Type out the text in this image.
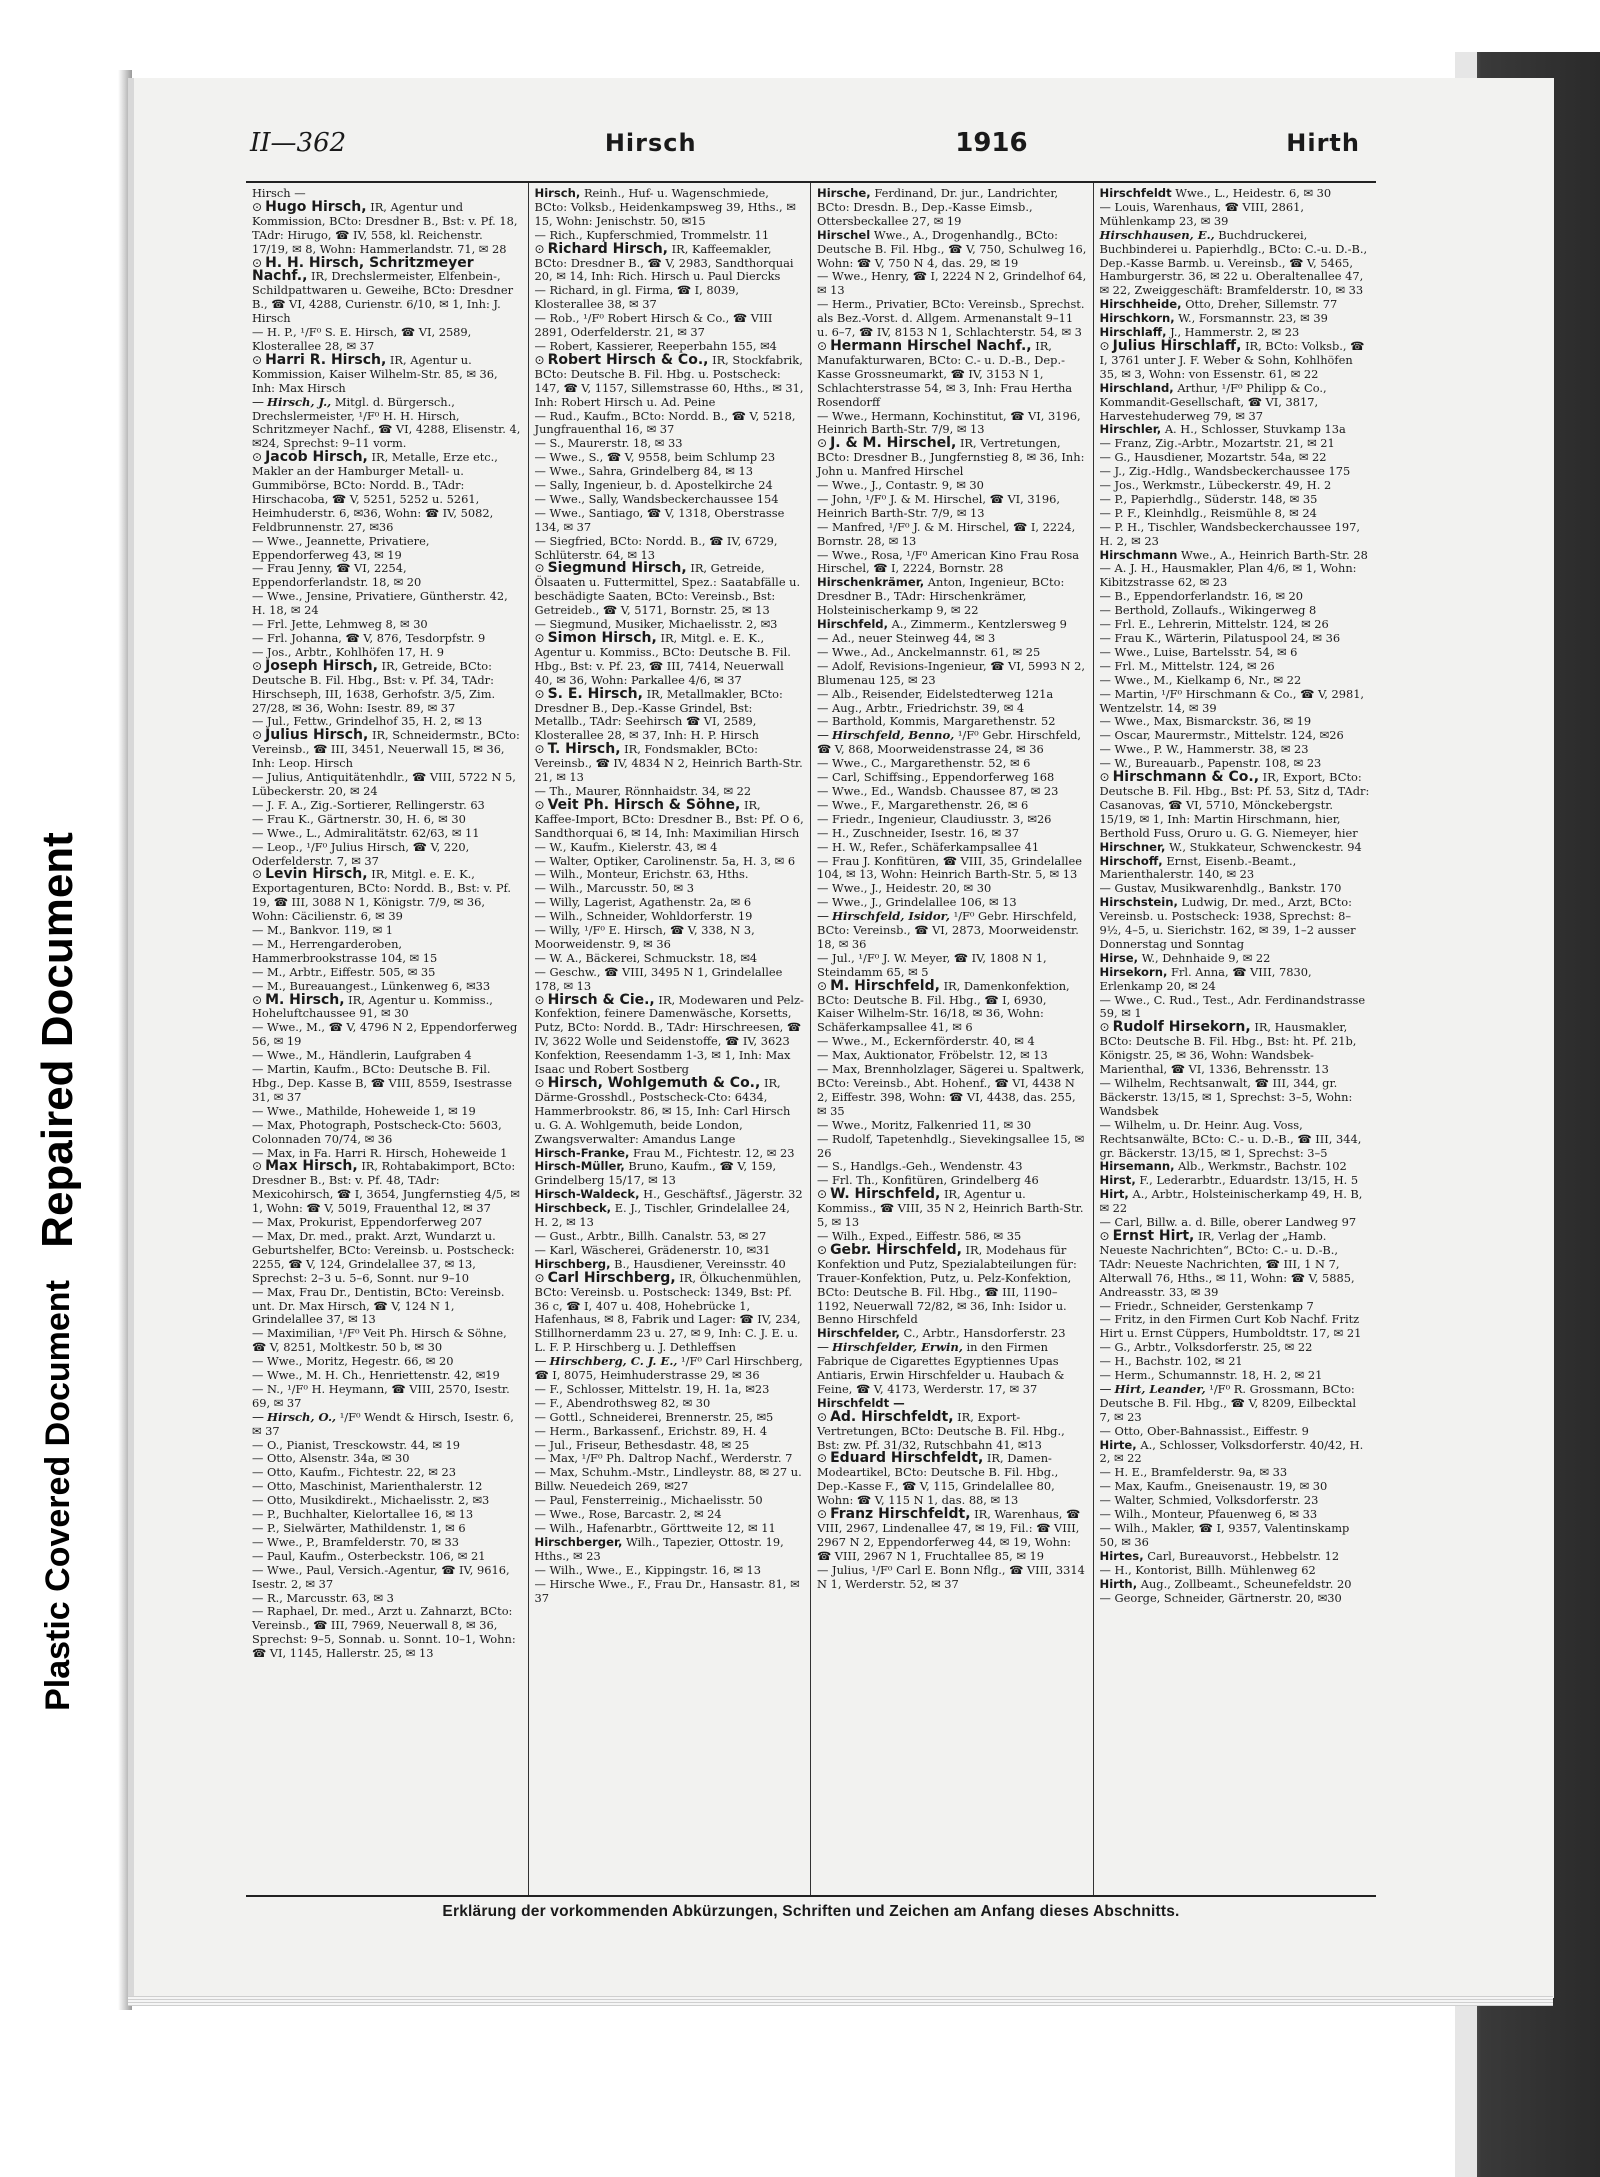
Plastic Covered Document
Repaired Document
II—362	Hirsch	1916	Hirth
Hirsch —
⊙ Hugo Hirsch, IR, Agentur und Kommission, BCto: Dresdner B., Bst: v. Pf. 18, TAdr: Hirugo, ☎ IV, 558, kl. Reichenstr. 17/19, ✉ 8, Wohn: Hammerlandstr. 71, ✉ 28
⊙ H. H. Hirsch, Schritzmeyer Nachf., IR, Drechslermeister, Elfenbein-, Schildpattwaren u. Geweihe, BCto: Dresdner B., ☎ VI, 4288, Curienstr. 6/10, ✉ 1, Inh: J. Hirsch
— H. P., ¹/F⁰ S. E. Hirsch, ☎ VI, 2589, Klosterallee 28, ✉ 37
⊙ Harri R. Hirsch, IR, Agentur u. Kommission, Kaiser Wilhelm-Str. 85, ✉ 36, Inh: Max Hirsch
— Hirsch, J., Mitgl. d. Bürgersch., Drechslermeister, ¹/F⁰ H. H. Hirsch, Schritzmeyer Nachf., ☎ VI, 4288, Elisenstr. 4, ✉24, Sprechst: 9–11 vorm.
⊙ Jacob Hirsch, IR, Metalle, Erze etc., Makler an der Hamburger Metall- u. Gummibörse, BCto: Nordd. B., TAdr: Hirschacoba, ☎ V, 5251, 5252 u. 5261, Heimhuderstr. 6, ✉36, Wohn: ☎ IV, 5082, Feldbrunnenstr. 27, ✉36
— Wwe., Jeannette, Privatiere, Eppendorferweg 43, ✉ 19
— Frau Jenny, ☎ VI, 2254, Eppendorferlandstr. 18, ✉ 20
— Wwe., Jensine, Privatiere, Güntherstr. 42, H. 18, ✉ 24
— Frl. Jette, Lehmweg 8, ✉ 30
— Frl. Johanna, ☎ V, 876, Tesdorpfstr. 9
— Jos., Arbtr., Kohlhöfen 17, H. 9
⊙ Joseph Hirsch, IR, Getreide, BCto: Deutsche B. Fil. Hbg., Bst: v. Pf. 34, TAdr: Hirschseph, III, 1638, Gerhofstr. 3/5, Zim. 27/28, ✉ 36, Wohn: Isestr. 89, ✉ 37
— Jul., Fettw., Grindelhof 35, H. 2, ✉ 13
⊙ Julius Hirsch, IR, Schneidermstr., BCto: Vereinsb., ☎ III, 3451, Neuerwall 15, ✉ 36, Inh: Leop. Hirsch
— Julius, Antiquitätenhdlr., ☎ VIII, 5722 N 5, Lübeckerstr. 20, ✉ 24
— J. F. A., Zig.-Sortierer, Rellingerstr. 63
— Frau K., Gärtnerstr. 30, H. 6, ✉ 30
— Wwe., L., Admiralitätstr. 62/63, ✉ 11
— Leop., ¹/F⁰ Julius Hirsch, ☎ V, 220, Oderfelderstr. 7, ✉ 37
⊙ Levin Hirsch, IR, Mitgl. e. E. K., Exportagenturen, BCto: Nordd. B., Bst: v. Pf. 19, ☎ III, 3088 N 1, Königstr. 7/9, ✉ 36, Wohn: Cäcilienstr. 6, ✉ 39
— M., Bankvor. 119, ✉ 1
— M., Herrengarderoben, Hammerbrookstrasse 104, ✉ 15
— M., Arbtr., Eiffestr. 505, ✉ 35
— M., Bureauangest., Lünkenweg 6, ✉33
⊙ M. Hirsch, IR, Agentur u. Kommiss., Hoheluftchaussee 91, ✉ 30
— Wwe., M., ☎ V, 4796 N 2, Eppendorferweg 56, ✉ 19
— Wwe., M., Händlerin, Laufgraben 4
— Martin, Kaufm., BCto: Deutsche B. Fil. Hbg., Dep. Kasse B, ☎ VIII, 8559, Isestrasse 31, ✉ 37
— Wwe., Mathilde, Hoheweide 1, ✉ 19
— Max, Photograph, Postscheck-Cto: 5603, Colonnaden 70/74, ✉ 36
— Max, in Fa. Harri R. Hirsch, Hoheweide 1
⊙ Max Hirsch, IR, Rohtabakimport, BCto: Dresdner B., Bst: v. Pf. 48, TAdr: Mexicohirsch, ☎ I, 3654, Jungfernstieg 4/5, ✉ 1, Wohn: ☎ V, 5019, Frauenthal 12, ✉ 37
— Max, Prokurist, Eppendorferweg 207
— Max, Dr. med., prakt. Arzt, Wundarzt u. Geburtshelfer, BCto: Vereinsb. u. Postscheck: 2255, ☎ V, 124, Grindelallee 37, ✉ 13, Sprechst: 2–3 u. 5–6, Sonnt. nur 9–10
— Max, Frau Dr., Dentistin, BCto: Vereinsb. unt. Dr. Max Hirsch, ☎ V, 124 N 1, Grindelallee 37, ✉ 13
— Maximilian, ¹/F⁰ Veit Ph. Hirsch & Söhne, ☎ V, 8251, Moltkestr. 50 b, ✉ 30
— Wwe., Moritz, Hegestr. 66, ✉ 20
— Wwe., M. H. Ch., Henriettenstr. 42, ✉19
— N., ¹/F⁰ H. Heymann, ☎ VIII, 2570, Isestr. 69, ✉ 37
— Hirsch, O., ¹/F⁰ Wendt & Hirsch, Isestr. 6, ✉ 37
— O., Pianist, Tresckowstr. 44, ✉ 19
— Otto, Alsenstr. 34a, ✉ 30
— Otto, Kaufm., Fichtestr. 22, ✉ 23
— Otto, Maschinist, Marienthalerstr. 12
— Otto, Musikdirekt., Michaelisstr. 2, ✉3
— P., Buchhalter, Kielortallee 16, ✉ 13
— P., Sielwärter, Mathildenstr. 1, ✉ 6
— Wwe., P., Bramfelderstr. 70, ✉ 33
— Paul, Kaufm., Osterbeckstr. 106, ✉ 21
— Wwe., Paul, Versich.-Agentur, ☎ IV, 9616, Isestr. 2, ✉ 37
— R., Marcusstr. 63, ✉ 3
— Raphael, Dr. med., Arzt u. Zahnarzt, BCto: Vereinsb., ☎ III, 7969, Neuerwall 8, ✉ 36, Sprechst: 9–5, Sonnab. u. Sonnt. 10–1, Wohn: ☎ VI, 1145, Hallerstr. 25, ✉ 13
Hirsch, Reinh., Huf- u. Wagenschmiede, BCto: Volksb., Heidenkampsweg 39, Hths., ✉15, Wohn: Jenischstr. 50, ✉15
— Rich., Kupferschmied, Trommelstr. 11
⊙ Richard Hirsch, IR, Kaffeemakler, BCto: Dresdner B., ☎ V, 2983, Sandthorquai 20, ✉ 14, Inh: Rich. Hirsch u. Paul Diercks
— Richard, in gl. Firma, ☎ I, 8039, Klosterallee 38, ✉ 37
— Rob., ¹/F⁰ Robert Hirsch & Co., ☎ VIII 2891, Oderfelderstr. 21, ✉ 37
— Robert, Kassierer, Reeperbahn 155, ✉4
⊙ Robert Hirsch & Co., IR, Stockfabrik, BCto: Deutsche B. Fil. Hbg. u. Postscheck: 147, ☎ V, 1157, Sillemstrasse 60, Hths., ✉ 31, Inh: Robert Hirsch u. Ad. Peine
— Rud., Kaufm., BCto: Nordd. B., ☎ V, 5218, Jungfrauenthal 16, ✉ 37
— S., Maurerstr. 18, ✉ 33
— Wwe., S., ☎ V, 9558, beim Schlump 23
— Wwe., Sahra, Grindelberg 84, ✉ 13
— Sally, Ingenieur, b. d. Apostelkirche 24
— Wwe., Sally, Wandsbeckerchaussee 154
— Wwe., Santiago, ☎ V, 1318, Oberstrasse 134, ✉ 37
— Siegfried, BCto: Nordd. B., ☎ IV, 6729, Schlüterstr. 64, ✉ 13
⊙ Siegmund Hirsch, IR, Getreide, Ölsaaten u. Futtermittel, Spez.: Saatabfälle u. beschädigte Saaten, BCto: Vereinsb., Bst: Getreideb., ☎ V, 5171, Bornstr. 25, ✉ 13
— Siegmund, Musiker, Michaelisstr. 2, ✉3
⊙ Simon Hirsch, IR, Mitgl. e. E. K., Agentur u. Kommiss., BCto: Deutsche B. Fil. Hbg., Bst: v. Pf. 23, ☎ III, 7414, Neuerwall 40, ✉ 36, Wohn: Parkallee 4/6, ✉ 37
⊙ S. E. Hirsch, IR, Metallmakler, BCto: Dresdner B., Dep.-Kasse Grindel, Bst: Metallb., TAdr: Seehirsch ☎ VI, 2589, Klosterallee 28, ✉ 37, Inh: H. P. Hirsch
⊙ T. Hirsch, IR, Fondsmakler, BCto: Vereinsb., ☎ IV, 4834 N 2, Heinrich Barth-Str. 21, ✉ 13
— Th., Maurer, Rönnhaidstr. 34, ✉ 22
⊙ Veit Ph. Hirsch & Söhne, IR, Kaffee-Import, BCto: Dresdner B., Bst: Pf. O 6, Sandthorquai 6, ✉ 14, Inh: Maximilian Hirsch
— W., Kaufm., Kielerstr. 43, ✉ 4
— Walter, Optiker, Carolinenstr. 5a, H. 3, ✉ 6
— Wilh., Monteur, Erichstr. 63, Hths.
— Wilh., Marcusstr. 50, ✉ 3
— Willy, Lagerist, Agathenstr. 2a, ✉ 6
— Wilh., Schneider, Wohldorferstr. 19
— Willy, ¹/F⁰ E. Hirsch, ☎ V, 338, N 3, Moorweidenstr. 9, ✉ 36
— W. A., Bäckerei, Schmuckstr. 18, ✉4
— Geschw., ☎ VIII, 3495 N 1, Grindelallee 178, ✉ 13
⊙ Hirsch & Cie., IR, Modewaren und Pelz-Konfektion, feinere Damenwäsche, Korsetts, Putz, BCto: Nordd. B., TAdr: Hirschreesen, ☎ IV, 3622 Wolle und Seidenstoffe, ☎ IV, 3623 Konfektion, Reesendamm 1-3, ✉ 1, Inh: Max Isaac und Robert Sostberg
⊙ Hirsch, Wohlgemuth & Co., IR, Därme-Grosshdl., Postscheck-Cto: 6434, Hammerbrookstr. 86, ✉ 15, Inh: Carl Hirsch u. G. A. Wohlgemuth, beide London, Zwangsverwalter: Amandus Lange
Hirsch-Franke, Frau M., Fichtestr. 12, ✉ 23
Hirsch-Müller, Bruno, Kaufm., ☎ V, 159, Grindelberg 15/17, ✉ 13
Hirsch-Waldeck, H., Geschäftsf., Jägerstr. 32
Hirschbeck, E. J., Tischler, Grindelallee 24, H. 2, ✉ 13
— Gust., Arbtr., Billh. Canalstr. 53, ✉ 27
— Karl, Wäscherei, Grädenerstr. 10, ✉31
Hirschberg, B., Hausdiener, Vereinsstr. 40
⊙ Carl Hirschberg, IR, Ölkuchenmühlen, BCto: Vereinsb. u. Postscheck: 1349, Bst: Pf. 36 c, ☎ I, 407 u. 408, Hohebrücke 1, Hafenhaus, ✉ 8, Fabrik und Lager: ☎ IV, 234, Stillhornerdamm 23 u. 27, ✉ 9, Inh: C. J. E. u. L. F. P. Hirschberg u. J. Dethleffsen
— Hirschberg, C. J. E., ¹/F⁰ Carl Hirschberg, ☎ I, 8075, Heimhuderstrasse 29, ✉ 36
— F., Schlosser, Mittelstr. 19, H. 1a, ✉23
— F., Abendrothsweg 82, ✉ 30
— Gottl., Schneiderei, Brennerstr. 25, ✉5
— Herm., Barkassenf., Erichstr. 89, H. 4
— Jul., Friseur, Bethesdastr. 48, ✉ 25
— Max, ¹/F⁰ Ph. Daltrop Nachf., Werderstr. 7
— Max, Schuhm.-Mstr., Lindleystr. 88, ✉ 27 u. Billw. Neuedeich 269, ✉27
— Paul, Fensterreinig., Michaelisstr. 50
— Wwe., Rose, Barcastr. 2, ✉ 24
— Wilh., Hafenarbtr., Görttweite 12, ✉ 11
Hirschberger, Wilh., Tapezier, Ottostr. 19, Hths., ✉ 23
— Wilh., Wwe., E., Kippingstr. 16, ✉ 13
— Hirsche Wwe., F., Frau Dr., Hansastr. 81, ✉ 37
Hirsche, Ferdinand, Dr. jur., Landrichter, BCto: Dresdn. B., Dep.-Kasse Eimsb., Ottersbeckallee 27, ✉ 19
Hirschel Wwe., A., Drogenhandlg., BCto: Deutsche B. Fil. Hbg., ☎ V, 750, Schulweg 16, Wohn: ☎ V, 750 N 4, das. 29, ✉ 19
— Wwe., Henry, ☎ I, 2224 N 2, Grindelhof 64, ✉ 13
— Herm., Privatier, BCto: Vereinsb., Sprechst. als Bez.-Vorst. d. Allgem. Armenanstalt 9–11 u. 6–7, ☎ IV, 8153 N 1, Schlachterstr. 54, ✉ 3
⊙ Hermann Hirschel Nachf., IR, Manufakturwaren, BCto: C.- u. D.-B., Dep.-Kasse Grossneumarkt, ☎ IV, 3153 N 1, Schlachterstrasse 54, ✉ 3, Inh: Frau Hertha Rosendorff
— Wwe., Hermann, Kochinstitut, ☎ VI, 3196, Heinrich Barth-Str. 7/9, ✉ 13
⊙ J. & M. Hirschel, IR, Vertretungen, BCto: Dresdner B., Jungfernstieg 8, ✉ 36, Inh: John u. Manfred Hirschel
— Wwe., J., Contastr. 9, ✉ 30
— John, ¹/F⁰ J. & M. Hirschel, ☎ VI, 3196, Heinrich Barth-Str. 7/9, ✉ 13
— Manfred, ¹/F⁰ J. & M. Hirschel, ☎ I, 2224, Bornstr. 28, ✉ 13
— Wwe., Rosa, ¹/F⁰ American Kino Frau Rosa Hirschel, ☎ I, 2224, Bornstr. 28
Hirschenkrämer, Anton, Ingenieur, BCto: Dresdner B., TAdr: Hirschenkrämer, Holsteinischerkamp 9, ✉ 22
Hirschfeld, A., Zimmerm., Kentzlersweg 9
— Ad., neuer Steinweg 44, ✉ 3
— Wwe., Ad., Anckelmannstr. 61, ✉ 25
— Adolf, Revisions-Ingenieur, ☎ VI, 5993 N 2, Blumenau 125, ✉ 23
— Alb., Reisender, Eidelstedterweg 121a
— Aug., Arbtr., Friedrichstr. 39, ✉ 4
— Barthold, Kommis, Margarethenstr. 52
— Hirschfeld, Benno, ¹/F⁰ Gebr. Hirschfeld, ☎ V, 868, Moorweidenstrasse 24, ✉ 36
— Wwe., C., Margarethenstr. 52, ✉ 6
— Carl, Schiffsing., Eppendorferweg 168
— Wwe., Ed., Wandsb. Chaussee 87, ✉ 23
— Wwe., F., Margarethenstr. 26, ✉ 6
— Friedr., Ingenieur, Claudiusstr. 3, ✉26
— H., Zuschneider, Isestr. 16, ✉ 37
— H. W., Refer., Schäferkampsallee 41
— Frau J. Konfitüren, ☎ VIII, 35, Grindelallee 104, ✉ 13, Wohn: Heinrich Barth-Str. 5, ✉ 13
— Wwe., J., Heidestr. 20, ✉ 30
— Wwe., J., Grindelallee 106, ✉ 13
— Hirschfeld, Isidor, ¹/F⁰ Gebr. Hirschfeld, BCto: Vereinsb., ☎ VI, 2873, Moorweidenstr. 18, ✉ 36
— Jul., ¹/F⁰ J. W. Meyer, ☎ IV, 1808 N 1, Steindamm 65, ✉ 5
⊙ M. Hirschfeld, IR, Damenkonfektion, BCto: Deutsche B. Fil. Hbg., ☎ I, 6930, Kaiser Wilhelm-Str. 16/18, ✉ 36, Wohn: Schäferkampsallee 41, ✉ 6
— Wwe., M., Eckernförderstr. 40, ✉ 4
— Max, Auktionator, Fröbelstr. 12, ✉ 13
— Max, Brennholzlager, Sägerei u. Spaltwerk, BCto: Vereinsb., Abt. Hohenf., ☎ VI, 4438 N 2, Eiffestr. 398, Wohn: ☎ VI, 4438, das. 255, ✉ 35
— Wwe., Moritz, Falkenried 11, ✉ 30
— Rudolf, Tapetenhdlg., Sievekingsallee 15, ✉ 26
— S., Handlgs.-Geh., Wendenstr. 43
— Frl. Th., Konfitüren, Grindelberg 46
⊙ W. Hirschfeld, IR, Agentur u. Kommiss., ☎ VIII, 35 N 2, Heinrich Barth-Str. 5, ✉ 13
— Wilh., Exped., Eiffestr. 586, ✉ 35
⊙ Gebr. Hirschfeld, IR, Modehaus für Konfektion und Putz, Spezialabteilungen für: Trauer-Konfektion, Putz, u. Pelz-Konfektion, BCto: Deutsche B. Fil. Hbg., ☎ III, 1190–1192, Neuerwall 72/82, ✉ 36, Inh: Isidor u. Benno Hirschfeld
Hirschfelder, C., Arbtr., Hansdorferstr. 23
— Hirschfelder, Erwin, in den Firmen Fabrique de Cigarettes Egyptiennes Upas Antiaris, Erwin Hirschfelder u. Haubach & Feine, ☎ V, 4173, Werderstr. 17, ✉ 37
Hirschfeldt —
⊙ Ad. Hirschfeldt, IR, Export-Vertretungen, BCto: Deutsche B. Fil. Hbg., Bst: zw. Pf. 31/32, Rutschbahn 41, ✉13
⊙ Eduard Hirschfeldt, IR, Damen-Modeartikel, BCto: Deutsche B. Fil. Hbg., Dep.-Kasse F., ☎ V, 115, Grindelallee 80, Wohn: ☎ V, 115 N 1, das. 88, ✉ 13
⊙ Franz Hirschfeldt, IR, Warenhaus, ☎ VIII, 2967, Lindenallee 47, ✉ 19, Fil.: ☎ VIII, 2967 N 2, Eppendorferweg 44, ✉ 19, Wohn: ☎ VIII, 2967 N 1, Fruchtallee 85, ✉ 19
— Julius, ¹/F⁰ Carl E. Bonn Nflg., ☎ VIII, 3314 N 1, Werderstr. 52, ✉ 37
Hirschfeldt Wwe., L., Heidestr. 6, ✉ 30
— Louis, Warenhaus, ☎ VIII, 2861, Mühlenkamp 23, ✉ 39
Hirschhausen, E., Buchdruckerei, Buchbinderei u. Papierhdlg., BCto: C.-u. D.-B., Dep.-Kasse Barmb. u. Vereinsb., ☎ V, 5465, Hamburgerstr. 36, ✉ 22 u. Oberaltenallee 47, ✉ 22, Zweiggeschäft: Bramfelderstr. 10, ✉ 33
Hirschheide, Otto, Dreher, Sillemstr. 77
Hirschkorn, W., Forsmannstr. 23, ✉ 39
Hirschlaff, J., Hammerstr. 2, ✉ 23
⊙ Julius Hirschlaff, IR, BCto: Volksb., ☎ I, 3761 unter J. F. Weber & Sohn, Kohlhöfen 35, ✉ 3, Wohn: von Essenstr. 61, ✉ 22
Hirschland, Arthur, ¹/F⁰ Philipp & Co., Kommandit-Gesellschaft, ☎ VI, 3817, Harvestehuderweg 79, ✉ 37
Hirschler, A. H., Schlosser, Stuvkamp 13a
— Franz, Zig.-Arbtr., Mozartstr. 21, ✉ 21
— G., Hausdiener, Mozartstr. 54a, ✉ 22
— J., Zig.-Hdlg., Wandsbeckerchaussee 175
— Jos., Werkmstr., Lübeckerstr. 49, H. 2
— P., Papierhdlg., Süderstr. 148, ✉ 35
— P. F., Kleinhdlg., Reismühle 8, ✉ 24
— P. H., Tischler, Wandsbeckerchaussee 197, H. 2, ✉ 23
Hirschmann Wwe., A., Heinrich Barth-Str. 28
— A. J. H., Hausmakler, Plan 4/6, ✉ 1, Wohn: Kibitzstrasse 62, ✉ 23
— B., Eppendorferlandstr. 16, ✉ 20
— Berthold, Zollaufs., Wikingerweg 8
— Frl. E., Lehrerin, Mittelstr. 124, ✉ 26
— Frau K., Wärterin, Pilatuspool 24, ✉ 36
— Wwe., Luise, Bartelsstr. 54, ✉ 6
— Frl. M., Mittelstr. 124, ✉ 26
— Wwe., M., Kielkamp 6, Nr., ✉ 22
— Martin, ¹/F⁰ Hirschmann & Co., ☎ V, 2981, Wentzelstr. 14, ✉ 39
— Wwe., Max, Bismarckstr. 36, ✉ 19
— Oscar, Maurermstr., Mittelstr. 124, ✉26
— Wwe., P. W., Hammerstr. 38, ✉ 23
— W., Bureauarb., Papenstr. 108, ✉ 23
⊙ Hirschmann & Co., IR, Export, BCto: Deutsche B. Fil. Hbg., Bst: Pf. 53, Sitz d, TAdr: Casanovas, ☎ VI, 5710, Mönckebergstr. 15/19, ✉ 1, Inh: Martin Hirschmann, hier, Berthold Fuss, Oruro u. G. G. Niemeyer, hier
Hirschner, W., Stukkateur, Schwenckestr. 94
Hirschoff, Ernst, Eisenb.-Beamt., Marienthalerstr. 140, ✉ 23
— Gustav, Musikwarenhdlg., Bankstr. 170
Hirschstein, Ludwig, Dr. med., Arzt, BCto: Vereinsb. u. Postscheck: 1938, Sprechst: 8–9½, 4–5, u. Sierichstr. 162, ✉ 39, 1–2 ausser Donnerstag und Sonntag
Hirse, W., Dehnhaide 9, ✉ 22
Hirsekorn, Frl. Anna, ☎ VIII, 7830, Erlenkamp 20, ✉ 24
— Wwe., C. Rud., Test., Adr. Ferdinandstrasse 59, ✉ 1
⊙ Rudolf Hirsekorn, IR, Hausmakler, BCto: Deutsche B. Fil. Hbg., Bst: ht. Pf. 21b, Königstr. 25, ✉ 36, Wohn: Wandsbek-Marienthal, ☎ VI, 1336, Behrensstr. 13
— Wilhelm, Rechtsanwalt, ☎ III, 344, gr. Bäckerstr. 13/15, ✉ 1, Sprechst: 3–5, Wohn: Wandsbek
— Wilhelm, u. Dr. Heinr. Aug. Voss, Rechtsanwälte, BCto: C.- u. D.-B., ☎ III, 344, gr. Bäckerstr. 13/15, ✉ 1, Sprechst: 3–5
Hirsemann, Alb., Werkmstr., Bachstr. 102
Hirst, F., Lederarbtr., Eduardstr. 13/15, H. 5
Hirt, A., Arbtr., Holsteinischerkamp 49, H. B, ✉ 22
— Carl, Billw. a. d. Bille, oberer Landweg 97
⊙ Ernst Hirt, IR, Verlag der „Hamb. Neueste Nachrichten“, BCto: C.- u. D.-B., TAdr: Neueste Nachrichten, ☎ III, 1 N 7, Alterwall 76, Hths., ✉ 11, Wohn: ☎ V, 5885, Andreasstr. 33, ✉ 39
— Friedr., Schneider, Gerstenkamp 7
— Fritz, in den Firmen Curt Kob Nachf. Fritz Hirt u. Ernst Cüppers, Humboldtstr. 17, ✉ 21
— G., Arbtr., Volksdorferstr. 25, ✉ 22
— H., Bachstr. 102, ✉ 21
— Herm., Schumannstr. 18, H. 2, ✉ 21
— Hirt, Leander, ¹/F⁰ R. Grossmann, BCto: Deutsche B. Fil. Hbg., ☎ V, 8209, Eilbecktal 7, ✉ 23
— Otto, Ober-Bahnassist., Eiffestr. 9
Hirte, A., Schlosser, Volksdorferstr. 40/42, H. 2, ✉ 22
— H. E., Bramfelderstr. 9a, ✉ 33
— Max, Kaufm., Gneisenaustr. 19, ✉ 30
— Walter, Schmied, Volksdorferstr. 23
— Wilh., Monteur, Pfauenweg 6, ✉ 33
— Wilh., Makler, ☎ I, 9357, Valentinskamp 50, ✉ 36
Hirtes, Carl, Bureauvorst., Hebbelstr. 12
— H., Kontorist, Billh. Mühlenweg 62
Hirth, Aug., Zollbeamt., Scheunefeldstr. 20
— George, Schneider, Gärtnerstr. 20, ✉30
Erklärung der vorkommenden Abkürzungen, Schriften und Zeichen am Anfang dieses Abschnitts.
